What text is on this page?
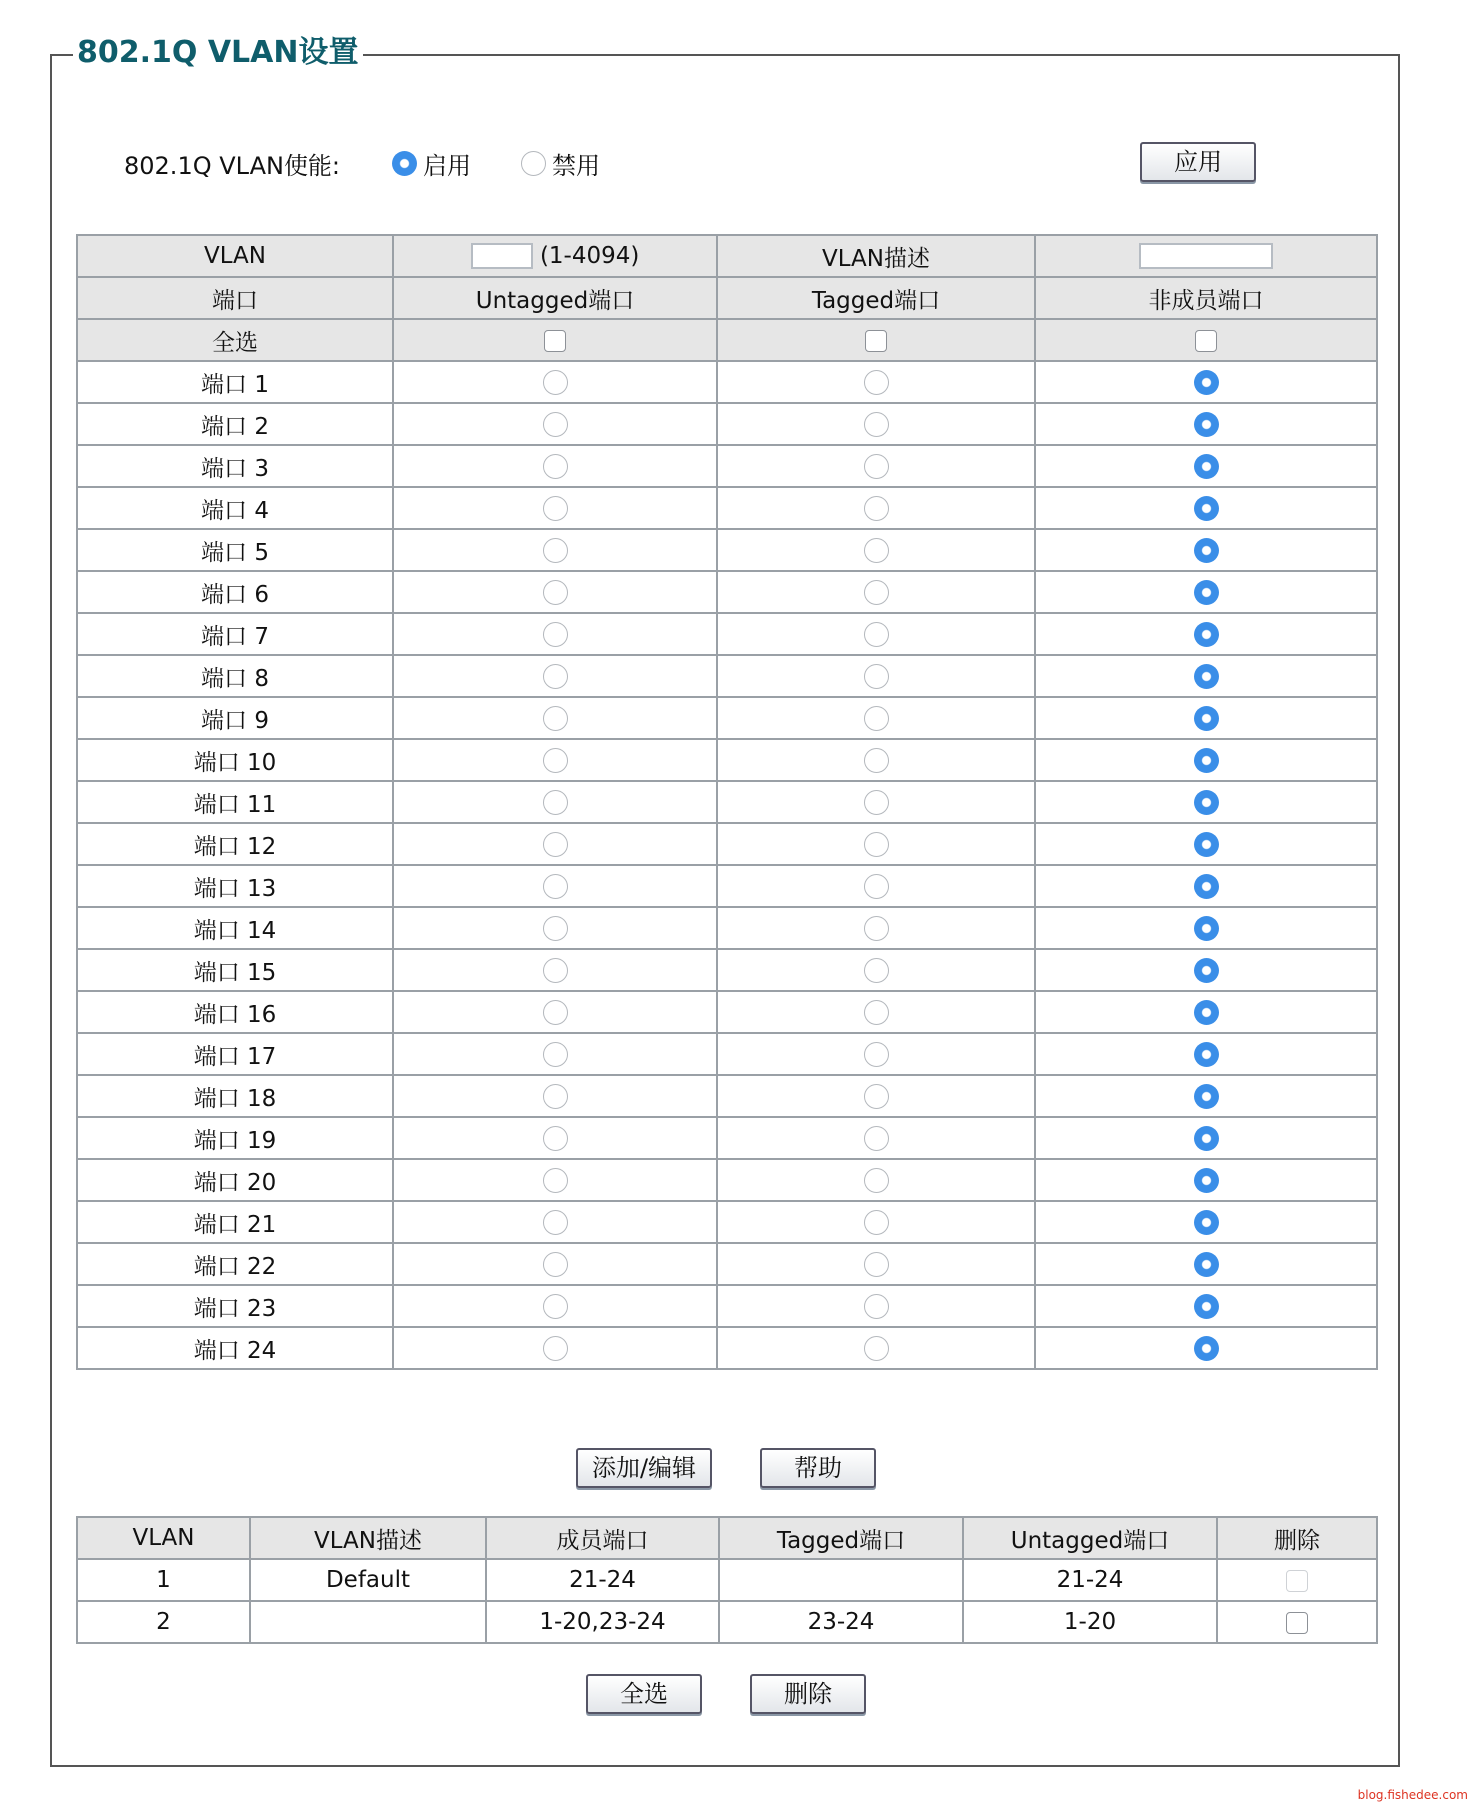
802.1Q VLAN设置
802.1Q VLAN使能:	启用	禁用	应用
VLAN	(1-4094)	VLAN描述	
端口	Untagged端口	Tagged端口	非成员端口
全选			
端口 1			
端口 2			
端口 3			
端口 4			
端口 5			
端口 6			
端口 7			
端口 8			
端口 9			
端口 10			
端口 11			
端口 12			
端口 13			
端口 14			
端口 15			
端口 16			
端口 17			
端口 18			
端口 19			
端口 20			
端口 21			
端口 22			
端口 23			
端口 24			
添加/编辑	帮助
VLAN	VLAN描述	成员端口	Tagged端口	Untagged端口	删除
1	Default	21-24		21-24	
2		1-20,23-24	23-24	1-20	
全选	删除
blog.fishedee.com
